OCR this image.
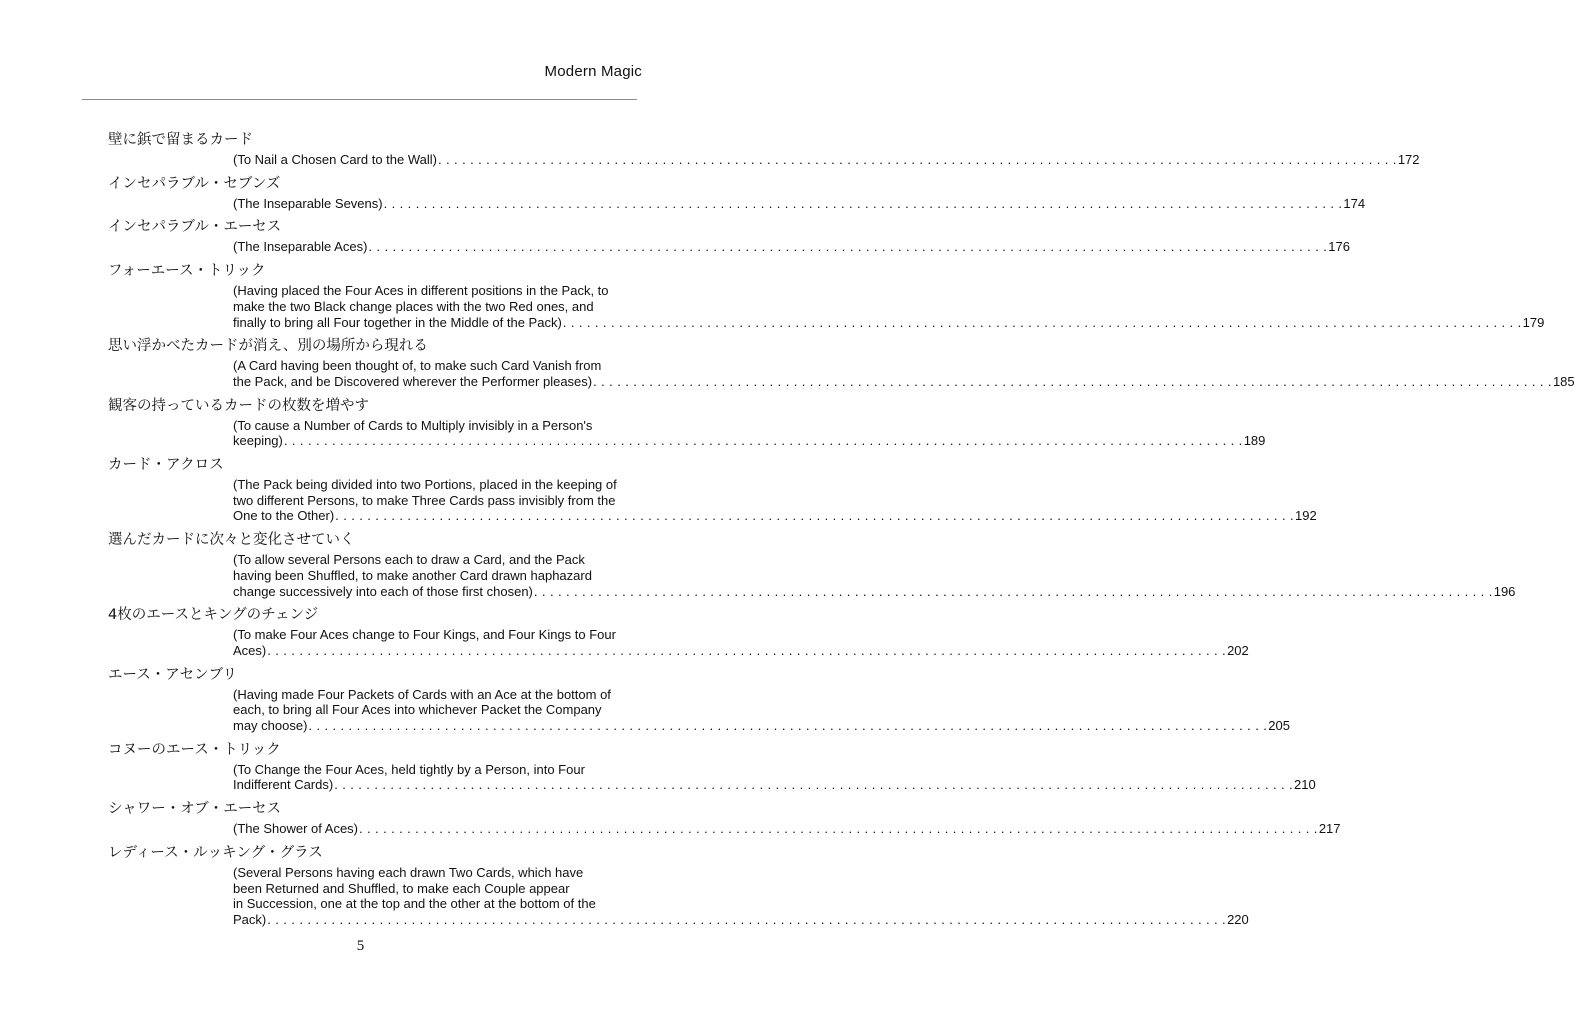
Modern Magic
壁に鋲で留まるカード
(To Nail a Chosen Card to the Wall) . . . . . . . . . . . . . . . . . . . . . . . . . . . . . . . . . . . . . . . . . . . . . . . . . . . . . . . . . . . . . . . . . . . . . . . . . . . . . . . . . . . . . . . . . . . . . . . . . . . . . . . . . . . . . . . . . . . . . . . . 172
インセパラブル・セブンズ
(The Inseparable Sevens) . . . . . . . . . . . . . . . . . . . . . . . . . . . . . . . . . . . . . . . . . . . . . . . . . . . . . . . . . . . . . . . . . . . . . . . . . . . . . . . . . . . . . . . . . . . . . . . . . . . . . . . . . . . . . . . . . . . . . . . . 174
インセパラブル・エーセス
(The Inseparable Aces) . . . . . . . . . . . . . . . . . . . . . . . . . . . . . . . . . . . . . . . . . . . . . . . . . . . . . . . . . . . . . . . . . . . . . . . . . . . . . . . . . . . . . . . . . . . . . . . . . . . . . . . . . . . . . . . . . . . . . . . . 176
フォーエース・トリック
(Having placed the Four Aces in different positions in the Pack, to
make the two Black change places with the two Red ones, and
finally to bring all Four together in the Middle of the Pack) . . . . . . . . . . . . . . . . . . . . . . . . . . . . . . . . . . . . . . . . . . . . . . . . . . . . . . . . . . . . . . . . . . . . . . . . . . . . . . . . . . . . . . . . . . . . . . . . . . . . . . . . . . . . . . . . . . . . . . . . 179
思い浮かべたカードが消え、別の場所から現れる
(A Card having been thought of, to make such Card Vanish from
the Pack, and be Discovered wherever the Performer pleases) . . . . . . . . . . . . . . . . . . . . . . . . . . . . . . . . . . . . . . . . . . . . . . . . . . . . . . . . . . . . . . . . . . . . . . . . . . . . . . . . . . . . . . . . . . . . . . . . . . . . . . . . . . . . . . . . . . . . . . . . 185
観客の持っているカードの枚数を増やす
(To cause a Number of Cards to Multiply invisibly in a Person's
keeping) . . . . . . . . . . . . . . . . . . . . . . . . . . . . . . . . . . . . . . . . . . . . . . . . . . . . . . . . . . . . . . . . . . . . . . . . . . . . . . . . . . . . . . . . . . . . . . . . . . . . . . . . . . . . . . . . . . . . . . . . 189
カード・アクロス
(The Pack being divided into two Portions, placed in the keeping of
two different Persons, to make Three Cards pass invisibly from the
One to the Other) . . . . . . . . . . . . . . . . . . . . . . . . . . . . . . . . . . . . . . . . . . . . . . . . . . . . . . . . . . . . . . . . . . . . . . . . . . . . . . . . . . . . . . . . . . . . . . . . . . . . . . . . . . . . . . . . . . . . . . . . 192
選んだカードに次々と変化させていく
(To allow several Persons each to draw a Card, and the Pack
having been Shuffled, to make another Card drawn haphazard
change successively into each of those first chosen) . . . . . . . . . . . . . . . . . . . . . . . . . . . . . . . . . . . . . . . . . . . . . . . . . . . . . . . . . . . . . . . . . . . . . . . . . . . . . . . . . . . . . . . . . . . . . . . . . . . . . . . . . . . . . . . . . . . . . . . . 196
4枚のエースとキングのチェンジ
(To make Four Aces change to Four Kings, and Four Kings to Four
Aces) . . . . . . . . . . . . . . . . . . . . . . . . . . . . . . . . . . . . . . . . . . . . . . . . . . . . . . . . . . . . . . . . . . . . . . . . . . . . . . . . . . . . . . . . . . . . . . . . . . . . . . . . . . . . . . . . . . . . . . . . 202
エース・アセンブリ
(Having made Four Packets of Cards with an Ace at the bottom of
each, to bring all Four Aces into whichever Packet the Company
may choose) . . . . . . . . . . . . . . . . . . . . . . . . . . . . . . . . . . . . . . . . . . . . . . . . . . . . . . . . . . . . . . . . . . . . . . . . . . . . . . . . . . . . . . . . . . . . . . . . . . . . . . . . . . . . . . . . . . . . . . . . 205
コヌーのエース・トリック
(To Change the Four Aces, held tightly by a Person, into Four
Indifferent Cards) . . . . . . . . . . . . . . . . . . . . . . . . . . . . . . . . . . . . . . . . . . . . . . . . . . . . . . . . . . . . . . . . . . . . . . . . . . . . . . . . . . . . . . . . . . . . . . . . . . . . . . . . . . . . . . . . . . . . . . . . 210
シャワー・オブ・エーセス
(The Shower of Aces) . . . . . . . . . . . . . . . . . . . . . . . . . . . . . . . . . . . . . . . . . . . . . . . . . . . . . . . . . . . . . . . . . . . . . . . . . . . . . . . . . . . . . . . . . . . . . . . . . . . . . . . . . . . . . . . . . . . . . . . . 217
レディース・ルッキング・グラス
(Several Persons having each drawn Two Cards, which have
been Returned and Shuffled, to make each Couple appear
in Succession, one at the top and the other at the bottom of the
Pack) . . . . . . . . . . . . . . . . . . . . . . . . . . . . . . . . . . . . . . . . . . . . . . . . . . . . . . . . . . . . . . . . . . . . . . . . . . . . . . . . . . . . . . . . . . . . . . . . . . . . . . . . . . . . . . . . . . . . . . . . 220
5
